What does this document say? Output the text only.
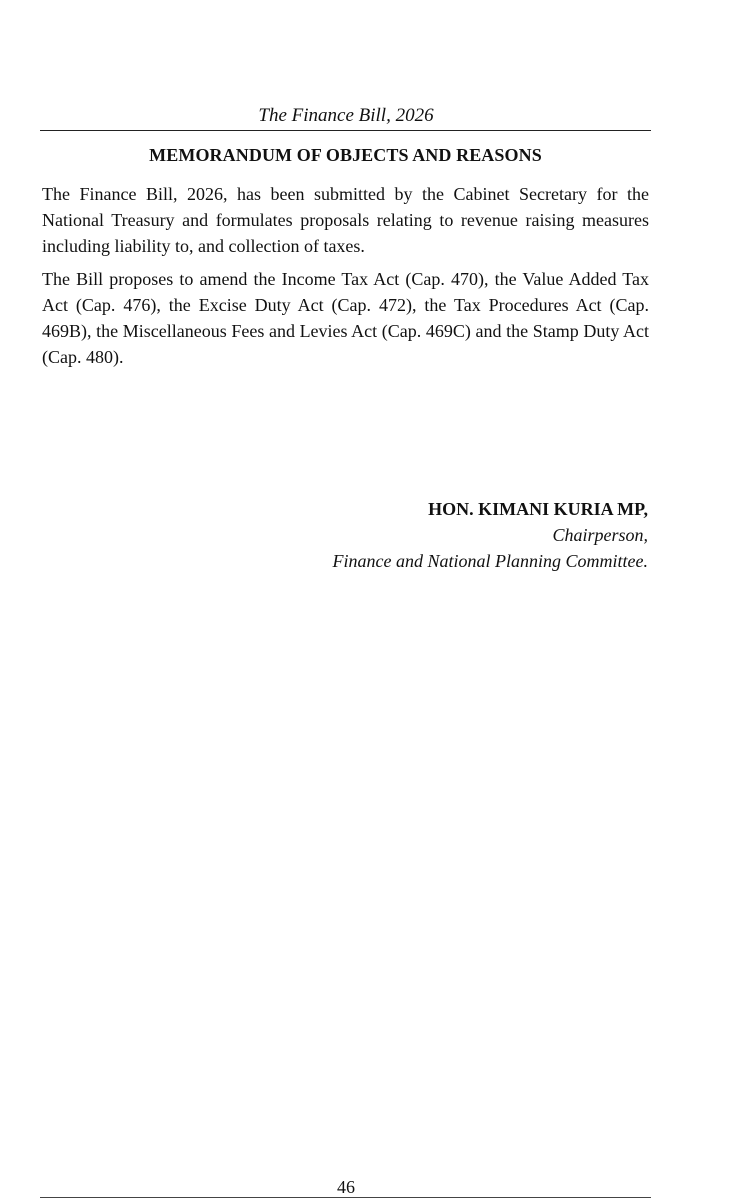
The Finance Bill, 2026
MEMORANDUM OF OBJECTS AND REASONS

The Finance Bill, 2026, has been submitted by the Cabinet Secretary for the National Treasury and formulates proposals relating to revenue raising measures including liability to, and collection of taxes.

The Bill proposes to amend the Income Tax Act (Cap. 470), the Value Added Tax Act (Cap. 476), the Excise Duty Act (Cap. 472), the Tax Procedures Act (Cap. 469B), the Miscellaneous Fees and Levies Act (Cap. 469C) and the Stamp Duty Act (Cap. 480).

HON. KIMANI KURIA MP,
Chairperson,
Finance and National Planning Committee.
46
